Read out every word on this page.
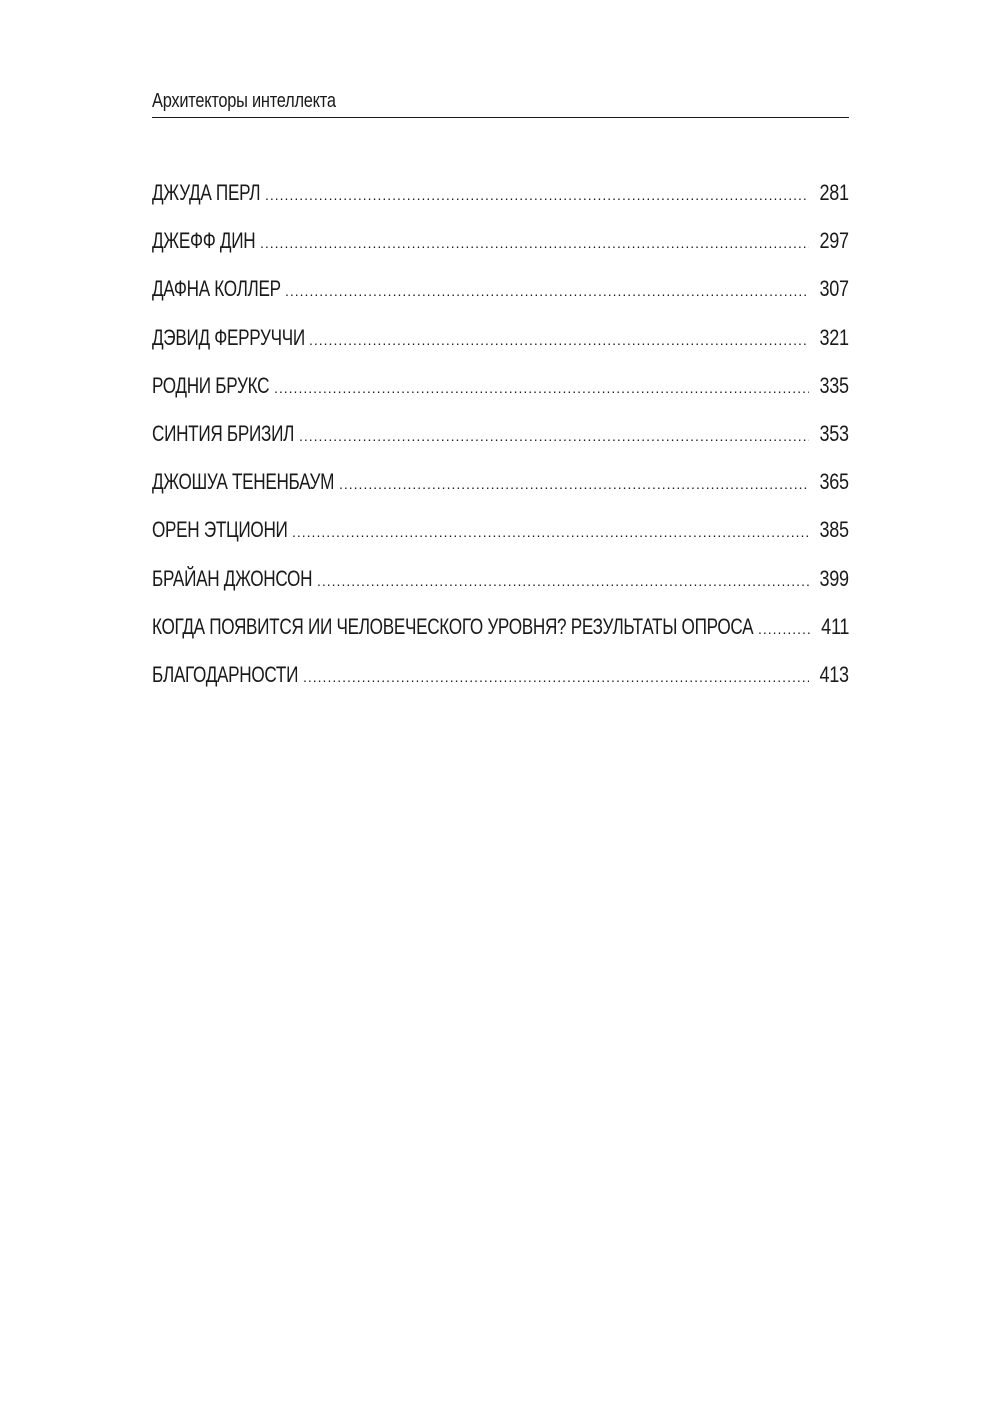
Архитекторы интеллекта
ДЖУДА ПЕРЛ .....	281
ДЖЕФФ ДИН .....	297
ДАФНА КОЛЛЕР .....	307
ДЭВИД ФЕРРУЧЧИ .....	321
РОДНИ БРУКС .....	335
СИНТИЯ БРИЗИЛ .....	353
ДЖОШУА ТЕНЕНБАУМ .....	365
ОРЕН ЭТЦИОНИ .....	385
БРАЙАН ДЖОНСОН .....	399
КОГДА ПОЯВИТСЯ ИИ ЧЕЛОВЕЧЕСКОГО УРОВНЯ? РЕЗУЛЬТАТЫ ОПРОСА .....	411
БЛАГОДАРНОСТИ .....	413
